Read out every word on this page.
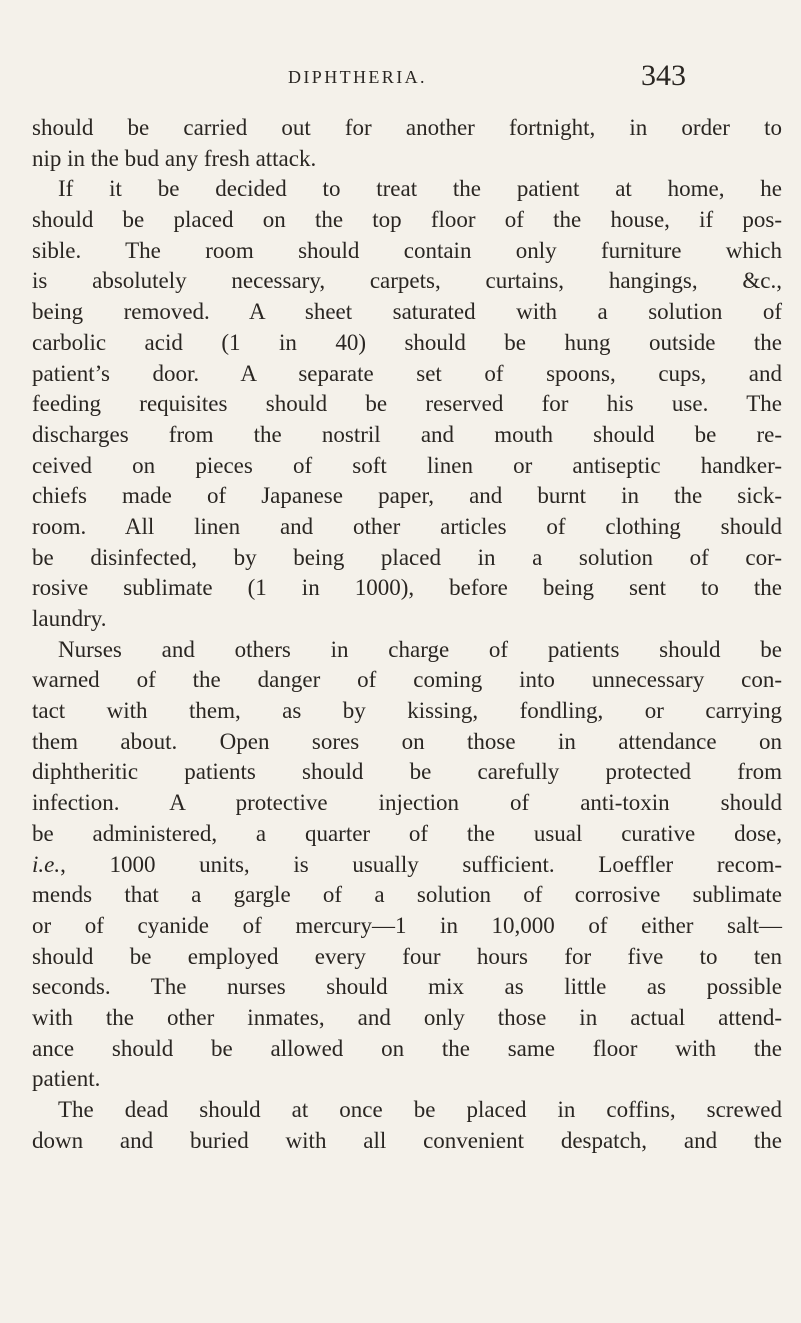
DIPHTHERIA.	343
should be carried out for another fortnight, in order to
nip in the bud any fresh attack.
If it be decided to treat the patient at home, he
should be placed on the top floor of the house, if pos-
sible. The room should contain only furniture which
is absolutely necessary, carpets, curtains, hangings, &c.,
being removed. A sheet saturated with a solution of
carbolic acid (1 in 40) should be hung outside the
patient’s door. A separate set of spoons, cups, and
feeding requisites should be reserved for his use. The
discharges from the nostril and mouth should be re-
ceived on pieces of soft linen or antiseptic handker-
chiefs made of Japanese paper, and burnt in the sick-
room. All linen and other articles of clothing should
be disinfected, by being placed in a solution of cor-
rosive sublimate (1 in 1000), before being sent to the
laundry.
Nurses and others in charge of patients should be
warned of the danger of coming into unnecessary con-
tact with them, as by kissing, fondling, or carrying
them about. Open sores on those in attendance on
diphtheritic patients should be carefully protected from
infection. A protective injection of anti-toxin should
be administered, a quarter of the usual curative dose,
i.e., 1000 units, is usually sufficient. Loeffler recom-
mends that a gargle of a solution of corrosive sublimate
or of cyanide of mercury—1 in 10,000 of either salt—
should be employed every four hours for five to ten
seconds. The nurses should mix as little as possible
with the other inmates, and only those in actual attend-
ance should be allowed on the same floor with the
patient.
The dead should at once be placed in coffins, screwed
down and buried with all convenient despatch, and the
